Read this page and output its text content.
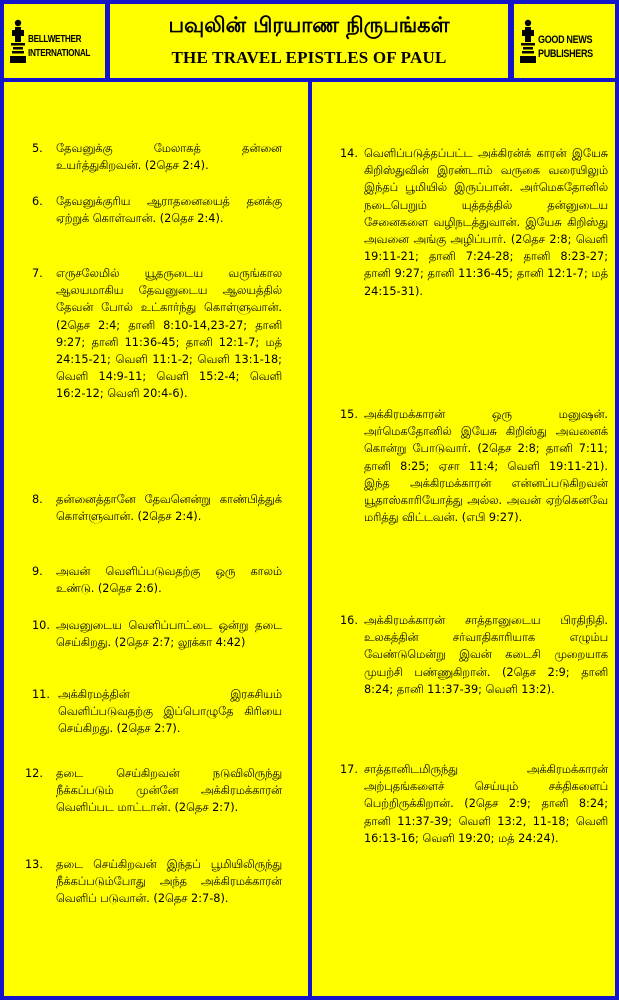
BELLWETHER
INTERNATIONAL
பவுலின் பிரயாண நிருபங்கள்
THE TRAVEL EPISTLES OF PAUL
GOOD NEWS
PUBLISHERS
5.	தேவனுக்கு மேலாகத் தன்னை உயர்த்துகிறவன். (2தெச 2:4).
6.	தேவனுக்குரிய ஆராதனையைத் தனக்கு ஏற்றுக் கொள்வான். (2தெச 2:4).
7.	எருசலேமில் யூதருடைய வருங்கால ஆலயமாகிய தேவனுடைய ஆலயத்தில் தேவன் போல் உட்கார்ந்து கொள்ளுவான். (2தெச 2:4; தானி 8:10-14,23-27; தானி 9:27; தானி 11:36-45; தானி 12:1-7; மத் 24:15-21; வெளி 11:1-2; வெளி 13:1-18; வெளி 14:9-11; வெளி 15:2-4; வெளி 16:2-12; வெளி 20:4-6).
8.	தன்னைத்தானே தேவனென்று காண்பித்துக் கொள்ளுவான். (2தெச 2:4).
9.	அவன் வெளிப்படுவதற்கு ஒரு காலம் உண்டு. (2தெச 2:6).
10. அவனுடைய வெளிப்பாட்டை ஒன்று தடை செய்கிறது. (2தெச 2:7; லூக்கா 4:42)
11. அக்கிரமத்தின் இரகசியம் வெளிப்படுவதற்கு இப்பொழுதே கிரியை செய்கிறது. (2தெச 2:7).
12.	தடை செய்கிறவன் நடுவிலிருந்து நீக்கப்படும் முன்னே அக்கிரமக்காரன் வெளிப்பட மாட்டான். (2தெச 2:7).
13.	தடை செய்கிறவன் இந்தப் பூமியிலிருந்து நீக்கப்படும்போது அந்த அக்கிரமக்காரன் வெளிப் படுவான். (2தெச 2:7-8).
14. வெளிப்படுத்தப்பட்ட அக்கிரன்க் காரன் இயேசு கிறிஸ்துவின் இரண்டாம் வருகை வரையிலும் இந்தப் பூமியில் இருப்பான். அர்மெகதோனில் நடைபெறும் யுத்தத்தில் தன்னுடைய சேனைகளை வழிநடத்துவான். இயேசு கிறிஸ்து அவனை அங்கு அழிப்பார். (2தெச 2:8; வெளி 19:11-21; தானி 7:24-28; தானி 8:23-27; தானி 9:27; தானி 11:36-45; தானி 12:1-7; மத் 24:15-31).
15. அக்கிரமக்காரன் ஒரு மனுஷன். அர்மெகதோனில் இயேசு கிறிஸ்து அவனைக் கொன்று போடுவார். (2தெச 2:8; தானி 7:11; தானி 8:25; ஏசா 11:4; வெளி 19:11-21). இந்த அக்கிரமக்காரன் என்னப்படுகிறவன் யூதாஸ்காரியோத்து அல்ல. அவன் ஏற்கெனவே மரித்து விட்டவன். (எபி 9:27).
16. அக்கிரமக்காரன் சாத்தானுடைய பிரதிநிதி. உலகத்தின் சர்வாதிகாரியாக எழும்ப வேண்டுமென்று இவன் கடைசி முறையாக முயற்சி பண்ணுகிறான். (2தெச 2:9; தானி 8:24; தானி 11:37-39; வெளி 13:2).
17. சாத்தானிடமிருந்து அக்கிரமக்காரன் அற்புதங்களைச் செய்யும் சக்திகளைப் பெற்றிருக்கிறான். (2தெச 2:9; தானி 8:24; தானி 11:37-39; வெளி 13:2, 11-18; வெளி 16:13-16; வெளி 19:20; மத் 24:24).
